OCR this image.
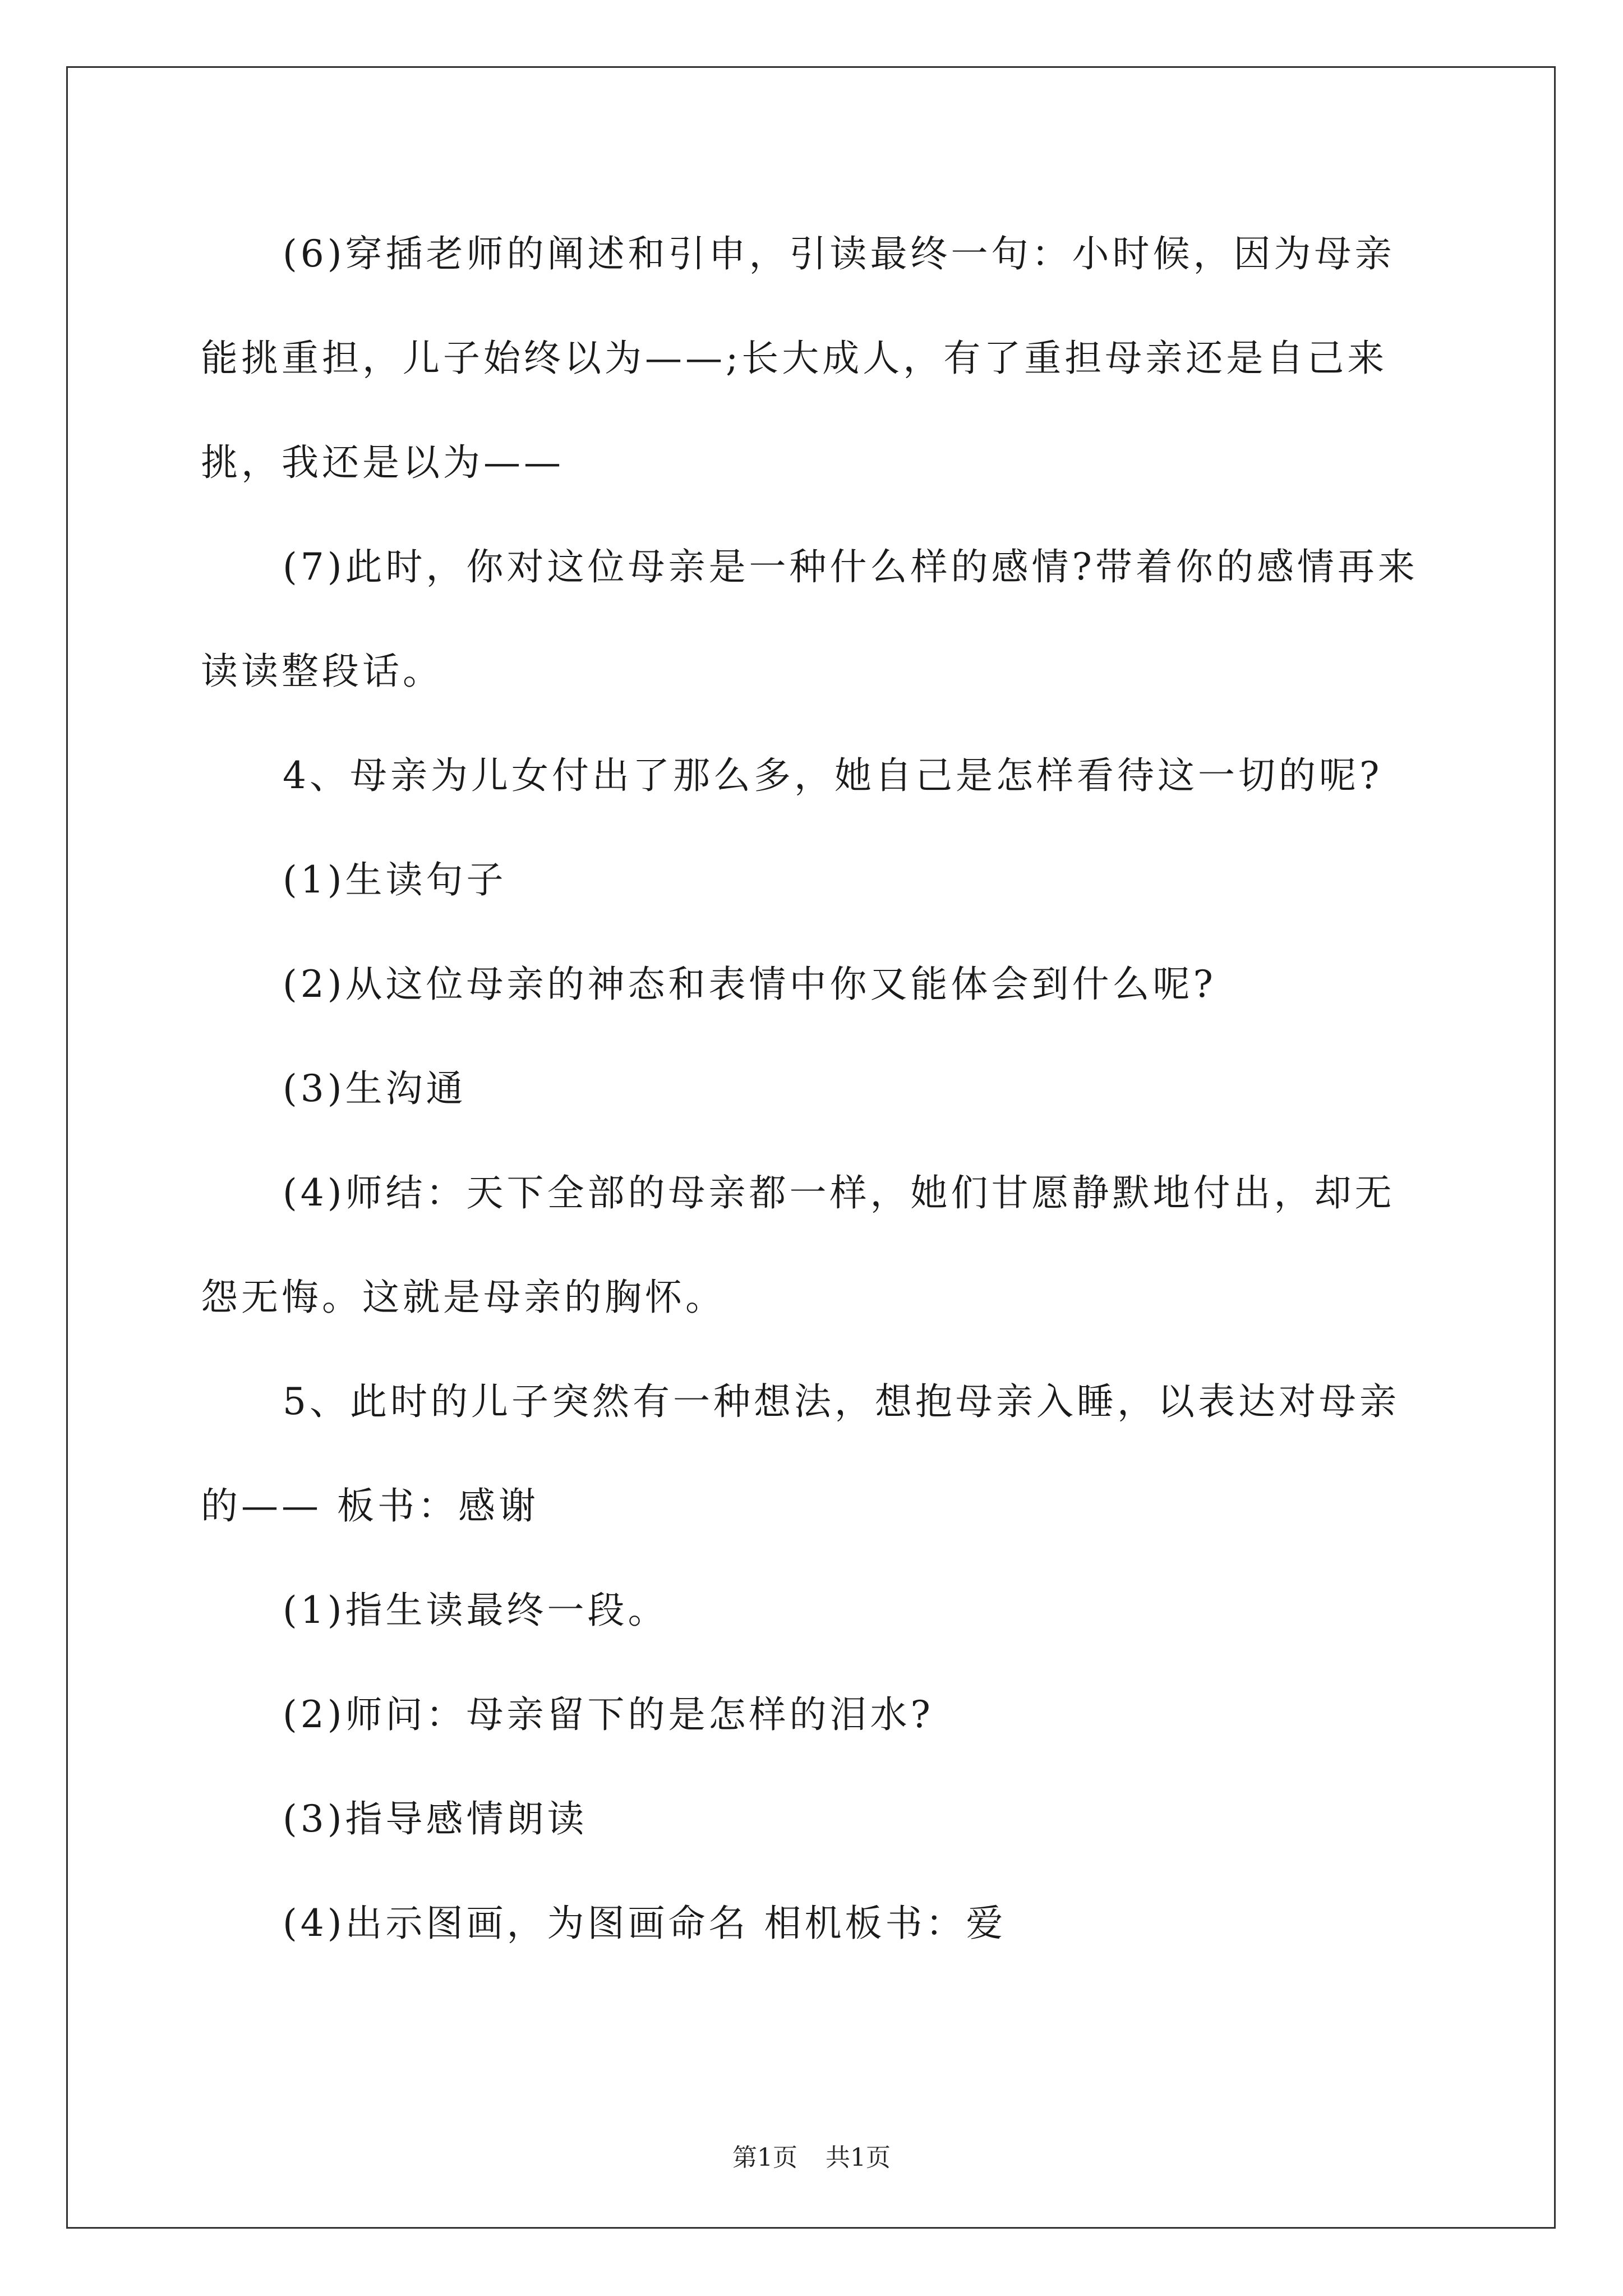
(6)穿插老师的阐述和引申，引读最终一句：小时候，因为母亲能挑重担，儿子始终以为——;长大成人，有了重担母亲还是自己来挑，我还是以为——

(7)此时，你对这位母亲是一种什么样的感情?带着你的感情再来读读整段话。

4、母亲为儿女付出了那么多，她自己是怎样看待这一切的呢?

(1)生读句子

(2)从这位母亲的神态和表情中你又能体会到什么呢?

(3)生沟通

(4)师结：天下全部的母亲都一样，她们甘愿静默地付出，却无怨无悔。这就是母亲的胸怀。

5、此时的儿子突然有一种想法，想抱母亲入睡，以表达对母亲的—— 板书：感谢

(1)指生读最终一段。

(2)师问：母亲留下的是怎样的泪水?

(3)指导感情朗读

(4)出示图画，为图画命名 相机板书：爱

第1页 共1页
